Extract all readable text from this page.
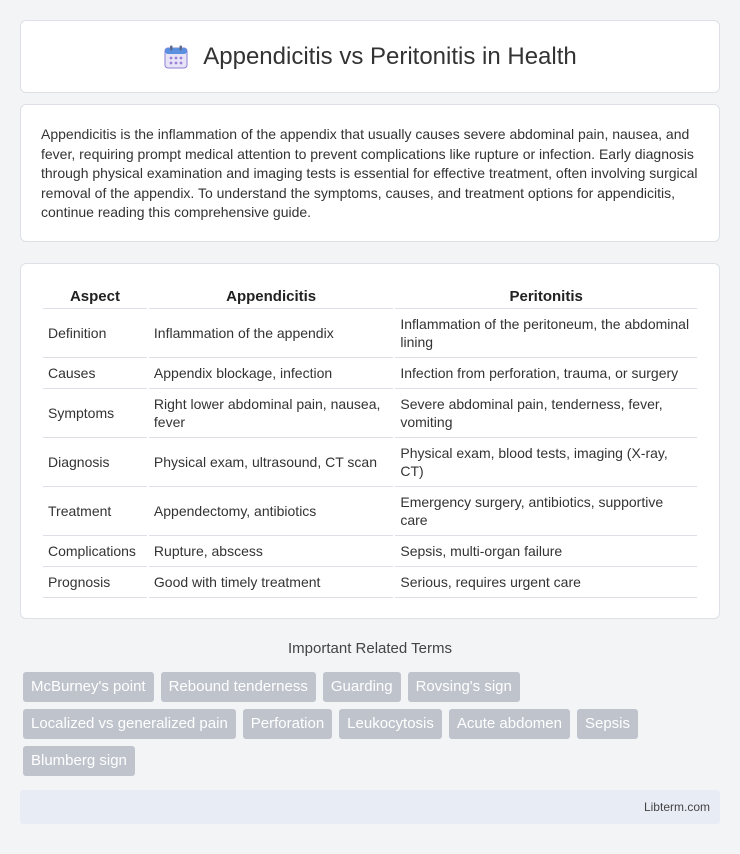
Appendicitis vs Peritonitis in Health

Appendicitis is the inflammation of the appendix that usually causes severe abdominal pain, nausea, and fever, requiring prompt medical attention to prevent complications like rupture or infection. Early diagnosis through physical examination and imaging tests is essential for effective treatment, often involving surgical removal of the appendix. To understand the symptoms, causes, and treatment options for appendicitis, continue reading this comprehensive guide.

Aspect	Appendicitis	Peritonitis
Definition	Inflammation of the appendix	Inflammation of the peritoneum, the abdominal lining
Causes	Appendix blockage, infection	Infection from perforation, trauma, or surgery
Symptoms	Right lower abdominal pain, nausea, fever	Severe abdominal pain, tenderness, fever, vomiting
Diagnosis	Physical exam, ultrasound, CT scan	Physical exam, blood tests, imaging (X-ray, CT)
Treatment	Appendectomy, antibiotics	Emergency surgery, antibiotics, supportive care
Complications	Rupture, abscess	Sepsis, multi-organ failure
Prognosis	Good with timely treatment	Serious, requires urgent care
Important Related Terms
McBurney's point	Rebound tenderness	Guarding	Rovsing's sign
Localized vs generalized pain	Perforation	Leukocytosis	Acute abdomen	Sepsis
Blumberg sign
Libterm.com
